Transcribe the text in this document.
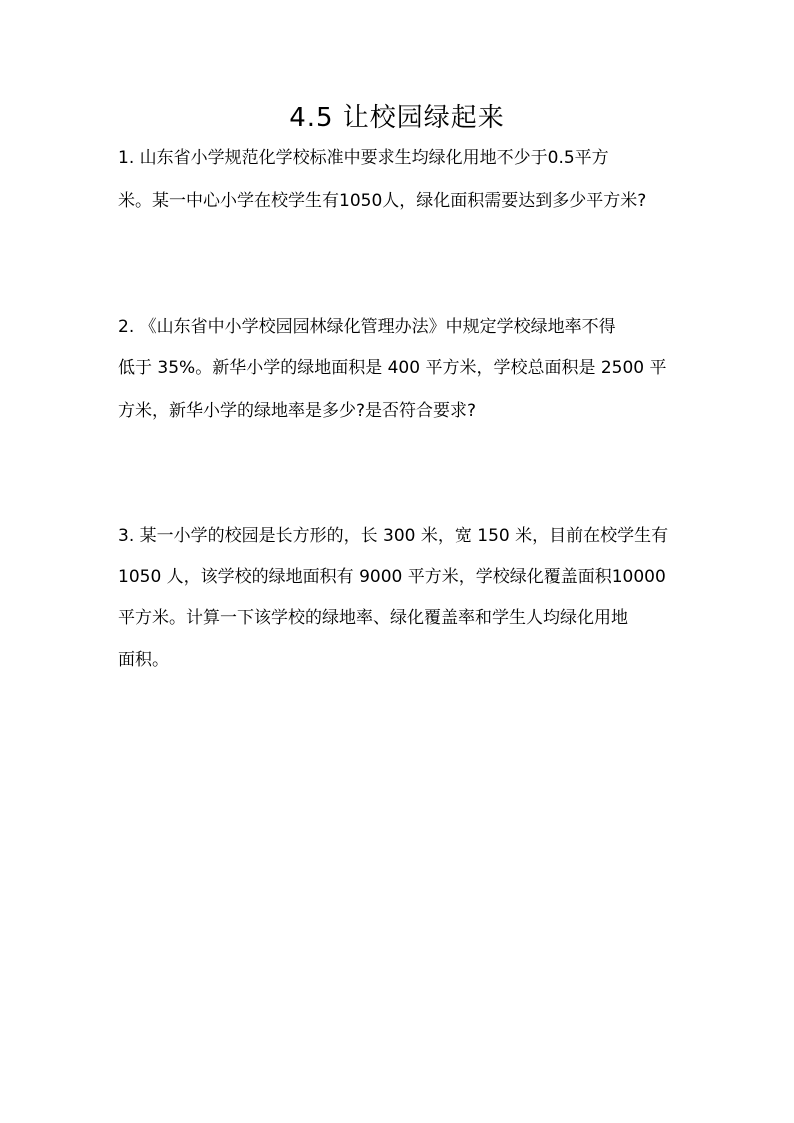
4.5 让校园绿起来

1. 山东省小学规范化学校标准中要求生均绿化用地不少于0.5平方

米。某一中心小学在校学生有1050人，绿化面积需要达到多少平方米?

2. 《山东省中小学校园园林绿化管理办法》中规定学校绿地率不得

低于 35%。新华小学的绿地面积是 400 平方米，学校总面积是 2500 平

方米，新华小学的绿地率是多少?是否符合要求?

3. 某一小学的校园是长方形的，长 300 米，宽 150 米，目前在校学生有

1050 人，该学校的绿地面积有 9000 平方米，学校绿化覆盖面积10000

平方米。计算一下该学校的绿地率、绿化覆盖率和学生人均绿化用地

面积。
